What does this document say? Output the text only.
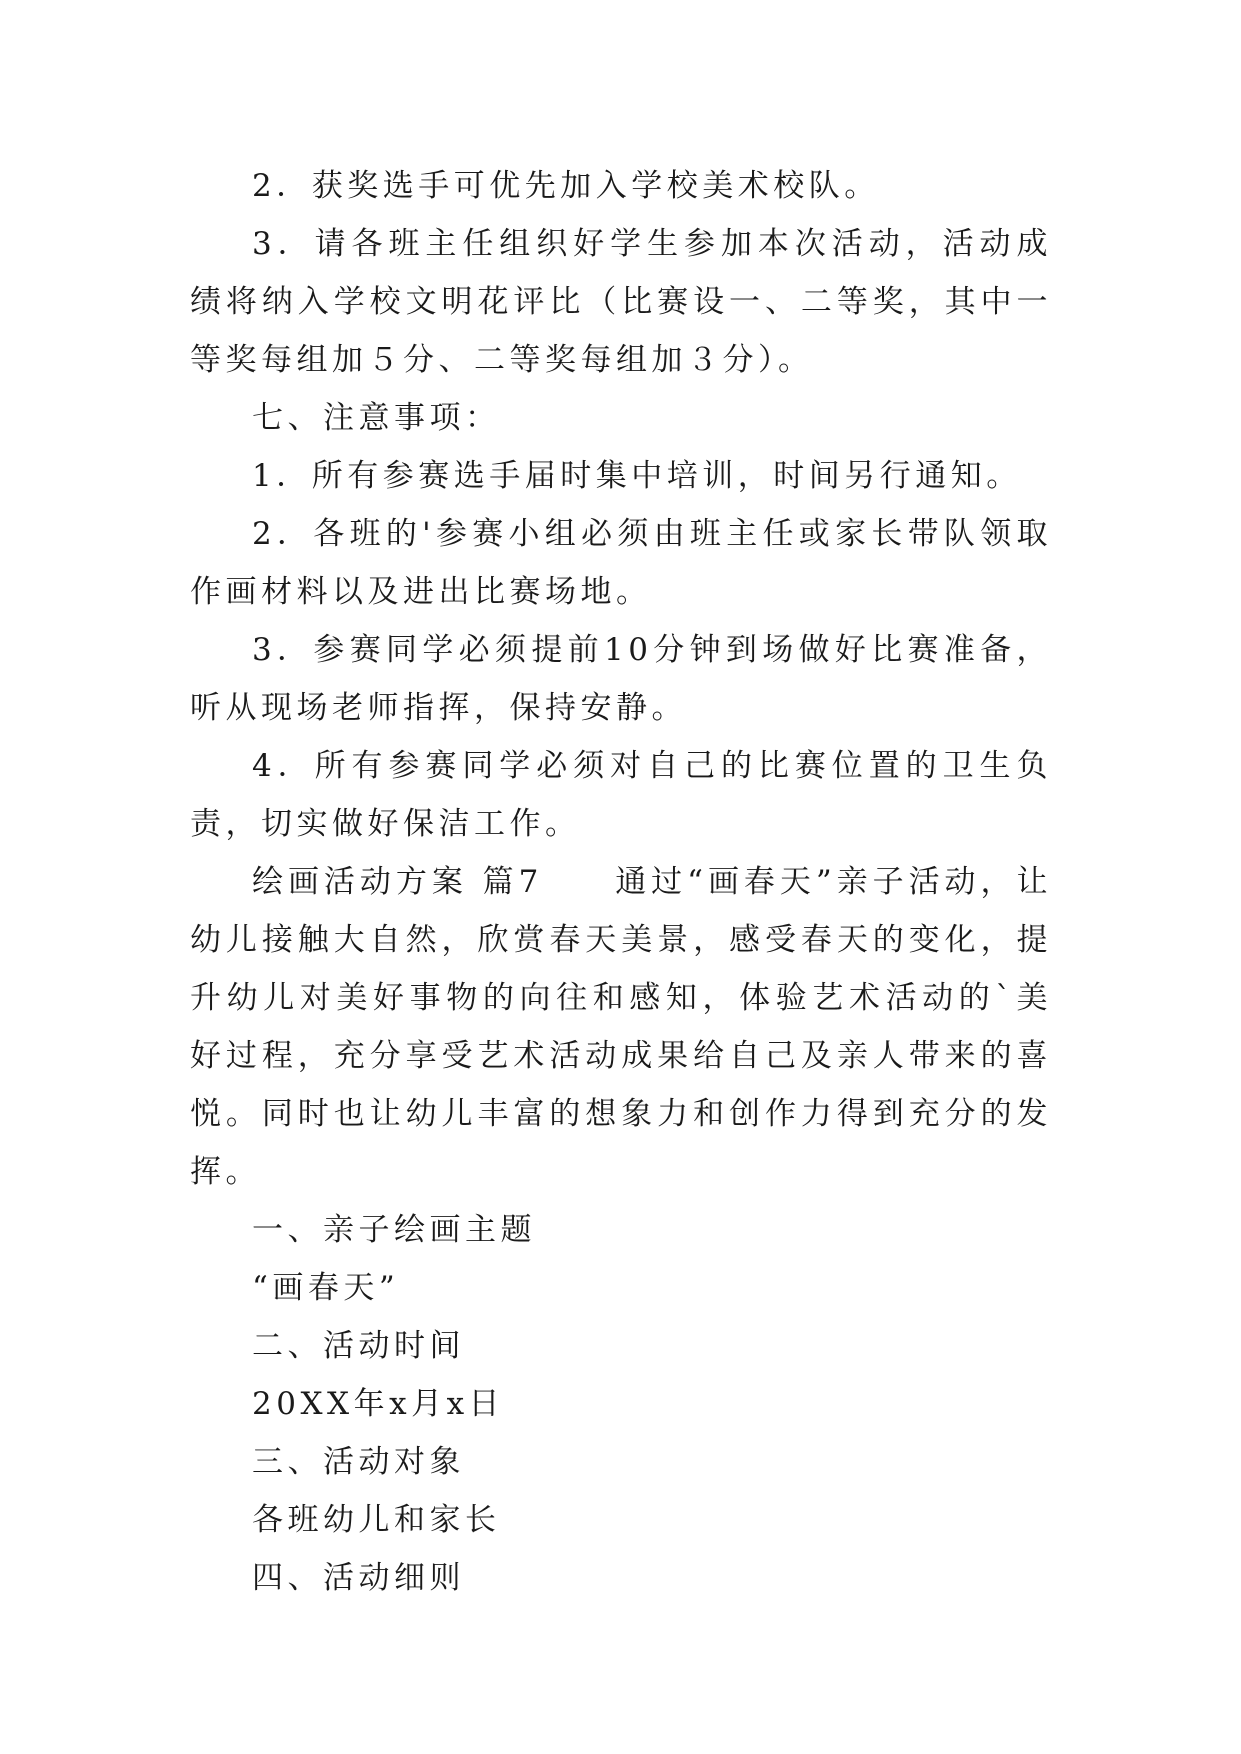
2．获奖选手可优先加入学校美术校队。

3．请各班主任组织好学生参加本次活动，活动成绩将纳入学校文明花评比（比赛设一、二等奖，其中一等奖每组加５分、二等奖每组加３分）。

七、注意事项：

1．所有参赛选手届时集中培训，时间另行通知。

2．各班的'参赛小组必须由班主任或家长带队领取作画材料以及进出比赛场地。

3．参赛同学必须提前10分钟到场做好比赛准备，听从现场老师指挥，保持安静。

4．所有参赛同学必须对自己的比赛位置的卫生负责，切实做好保洁工作。

绘画活动方案 篇7　　通过“画春天”亲子活动，让幼儿接触大自然，欣赏春天美景，感受春天的变化，提升幼儿对美好事物的向往和感知，体验艺术活动的`美好过程，充分享受艺术活动成果给自己及亲人带来的喜悦。同时也让幼儿丰富的想象力和创作力得到充分的发挥。

一、亲子绘画主题

“画春天”

二、活动时间

20XX年x月x日

三、活动对象

各班幼儿和家长

四、活动细则
